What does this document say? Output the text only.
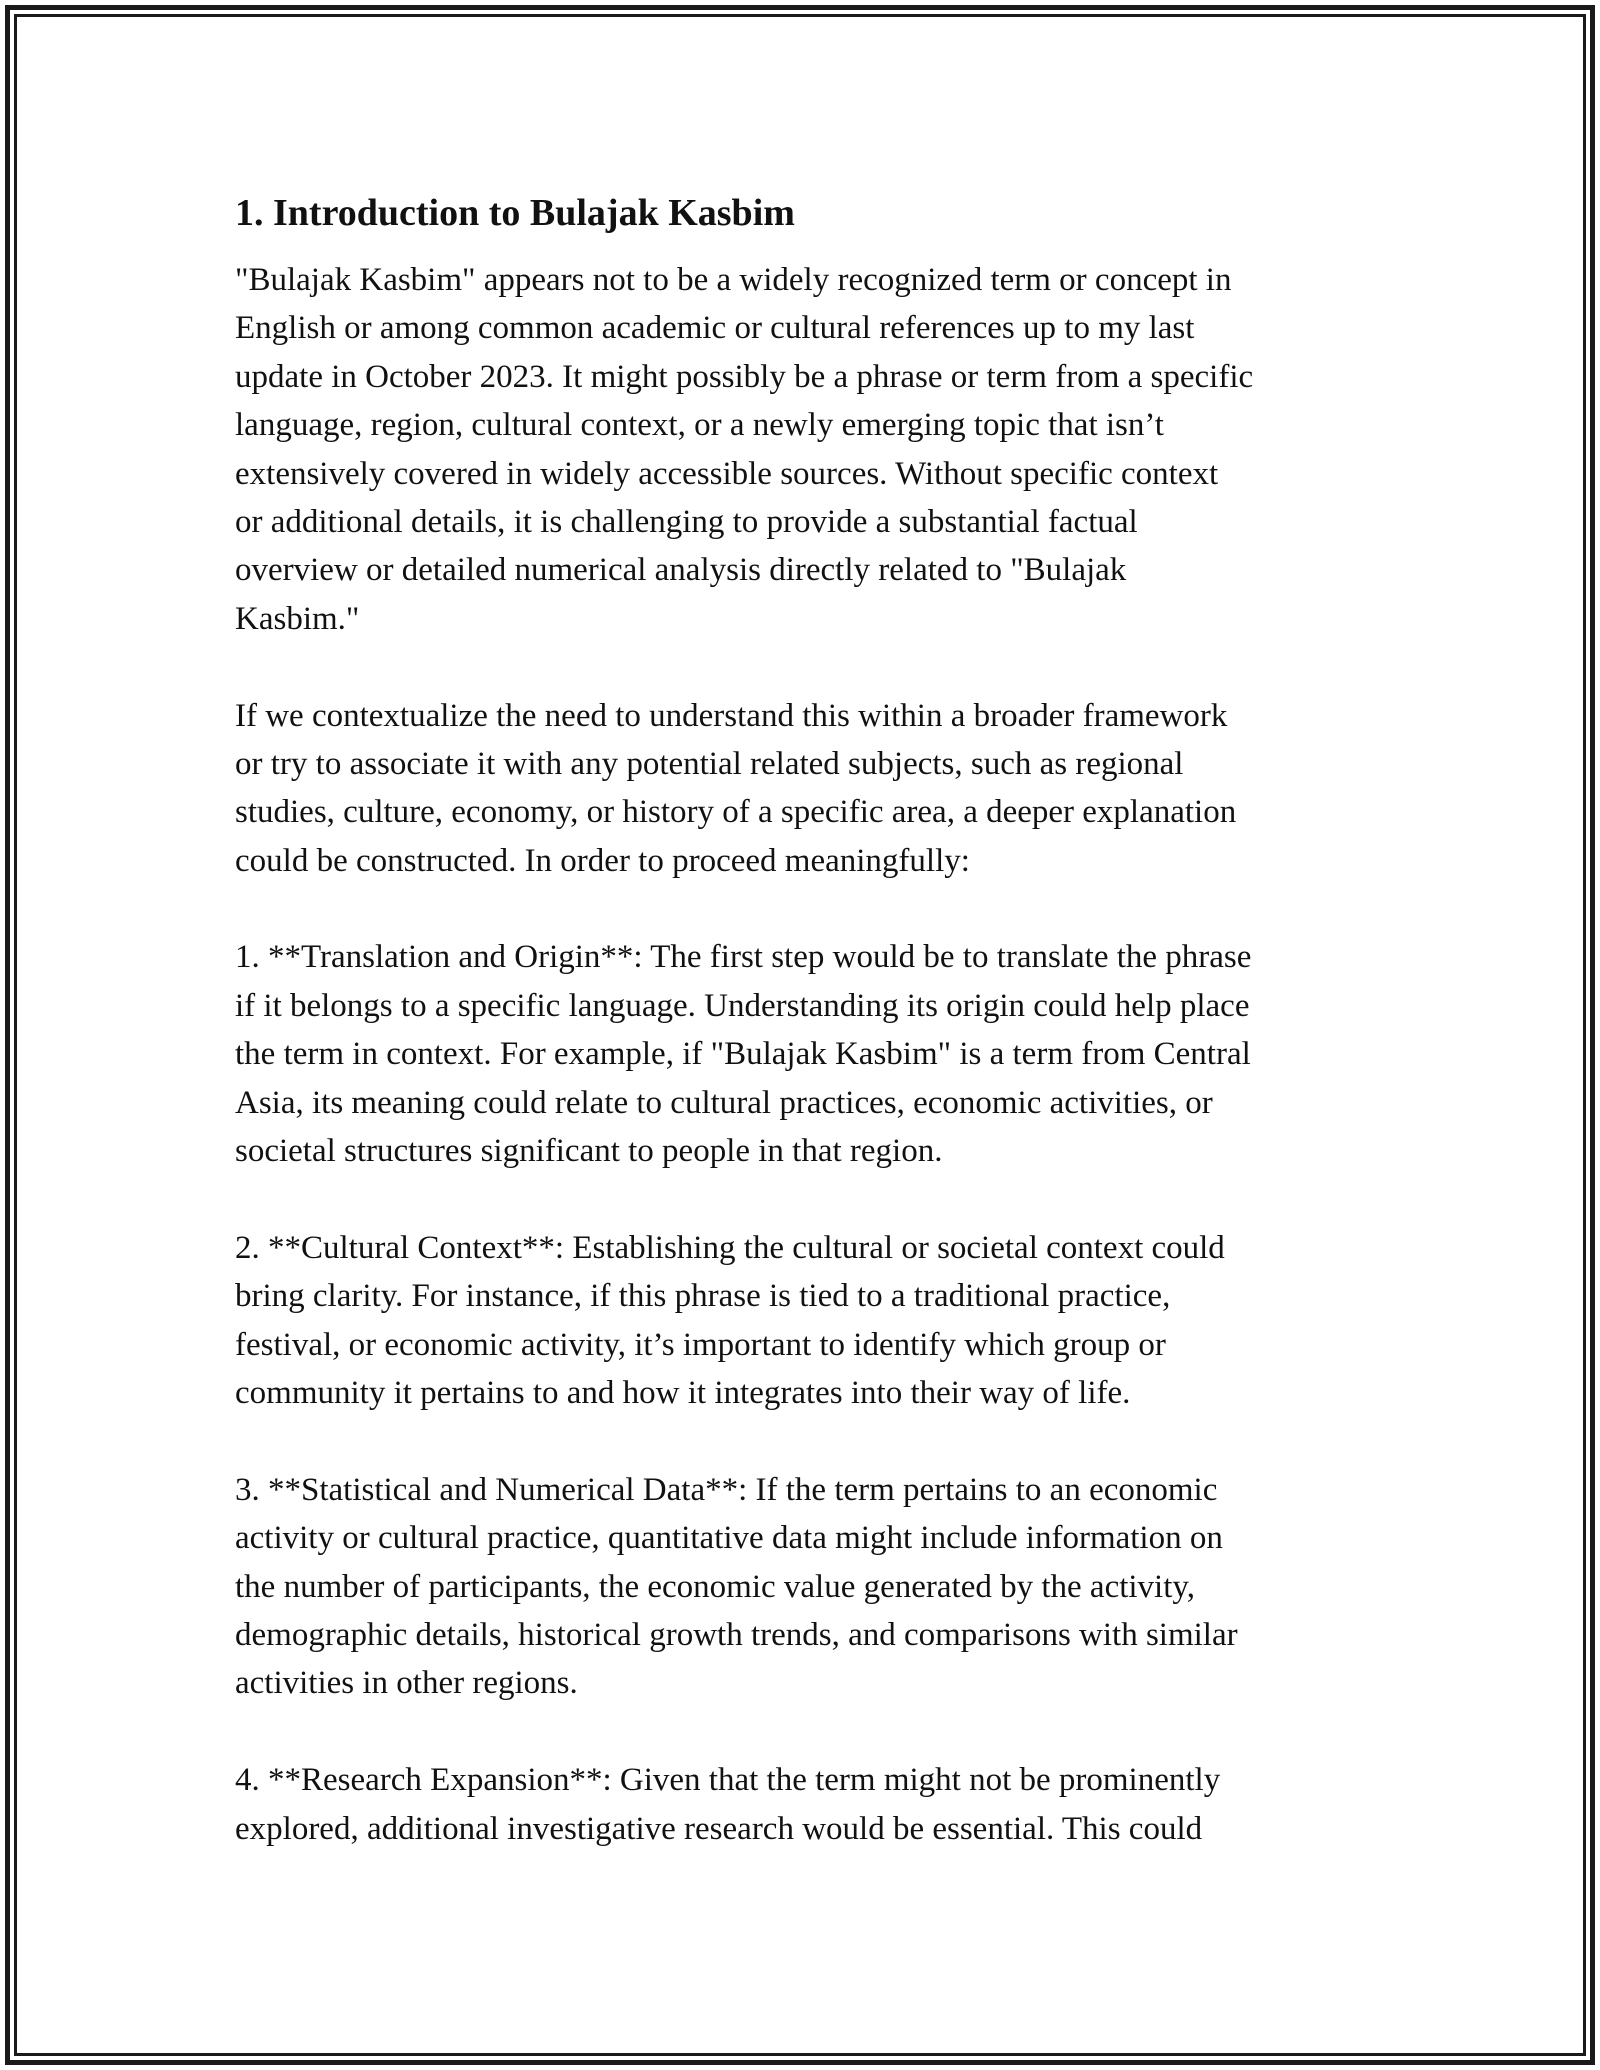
1. Introduction to Bulajak Kasbim
"Bulajak Kasbim" appears not to be a widely recognized term or concept in
English or among common academic or cultural references up to my last
update in October 2023. It might possibly be a phrase or term from a specific
language, region, cultural context, or a newly emerging topic that isn’t
extensively covered in widely accessible sources. Without specific context
or additional details, it is challenging to provide a substantial factual
overview or detailed numerical analysis directly related to "Bulajak
Kasbim."
If we contextualize the need to understand this within a broader framework
or try to associate it with any potential related subjects, such as regional
studies, culture, economy, or history of a specific area, a deeper explanation
could be constructed. In order to proceed meaningfully:
1. **Translation and Origin**: The first step would be to translate the phrase
if it belongs to a specific language. Understanding its origin could help place
the term in context. For example, if "Bulajak Kasbim" is a term from Central
Asia, its meaning could relate to cultural practices, economic activities, or
societal structures significant to people in that region.
2. **Cultural Context**: Establishing the cultural or societal context could
bring clarity. For instance, if this phrase is tied to a traditional practice,
festival, or economic activity, it’s important to identify which group or
community it pertains to and how it integrates into their way of life.
3. **Statistical and Numerical Data**: If the term pertains to an economic
activity or cultural practice, quantitative data might include information on
the number of participants, the economic value generated by the activity,
demographic details, historical growth trends, and comparisons with similar
activities in other regions.
4. **Research Expansion**: Given that the term might not be prominently
explored, additional investigative research would be essential. This could
